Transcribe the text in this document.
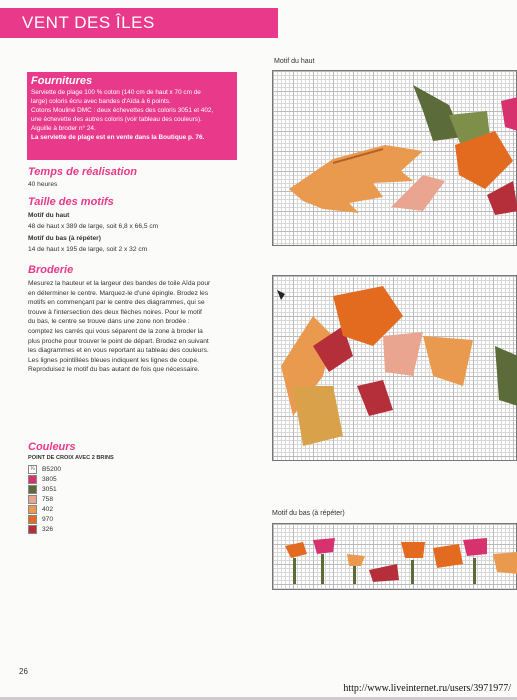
VENT DES ÎLES
Fournitures

Serviette de plage 100 % coton (140 cm de haut x 70 cm de

large) coloris écru avec bandes d'Aïda à 6 points.

Cotons Mouliné DMC : deux échevettes des coloris 3051 et 402,

une échevette des autres coloris (voir tableau des couleurs).

Aiguille à broder n° 24.

La serviette de plage est en vente dans la Boutique p. 76.

Temps de réalisation

40 heures

Taille des motifs

Motif du haut

48 de haut x 389 de large, soit 6,8 x 66,5 cm

Motif du bas (à répéter)

14 de haut x 195 de large, soit 2 x 32 cm

Broderie

Mesurez la hauteur et la largeur des bandes de toile Aïda pour

en déterminer le centre. Marquez-le d'une épingle. Brodez les

motifs en commençant par le centre des diagrammes, qui se

trouve à l'intersection des deux flèches noires. Pour le motif

du bas, le centre se trouve dans une zone non brodée :

comptez les carrés qui vous séparent de la zone à broder la

plus proche pour trouver le point de départ. Brodez en suivant

les diagrammes et en vous reportant au tableau des couleurs.

Les lignes pointillées bleues indiquent les lignes de coupe.

Reproduisez le motif du bas autant de fois que nécessaire.

Couleurs
POINT DE CROIX AVEC 2 BRINS
¼	B5200
3805
3051
758
402
970
326
Motif du haut
Motif du bas (à répéter)
26
http://www.liveinternet.ru/users/3971977/
